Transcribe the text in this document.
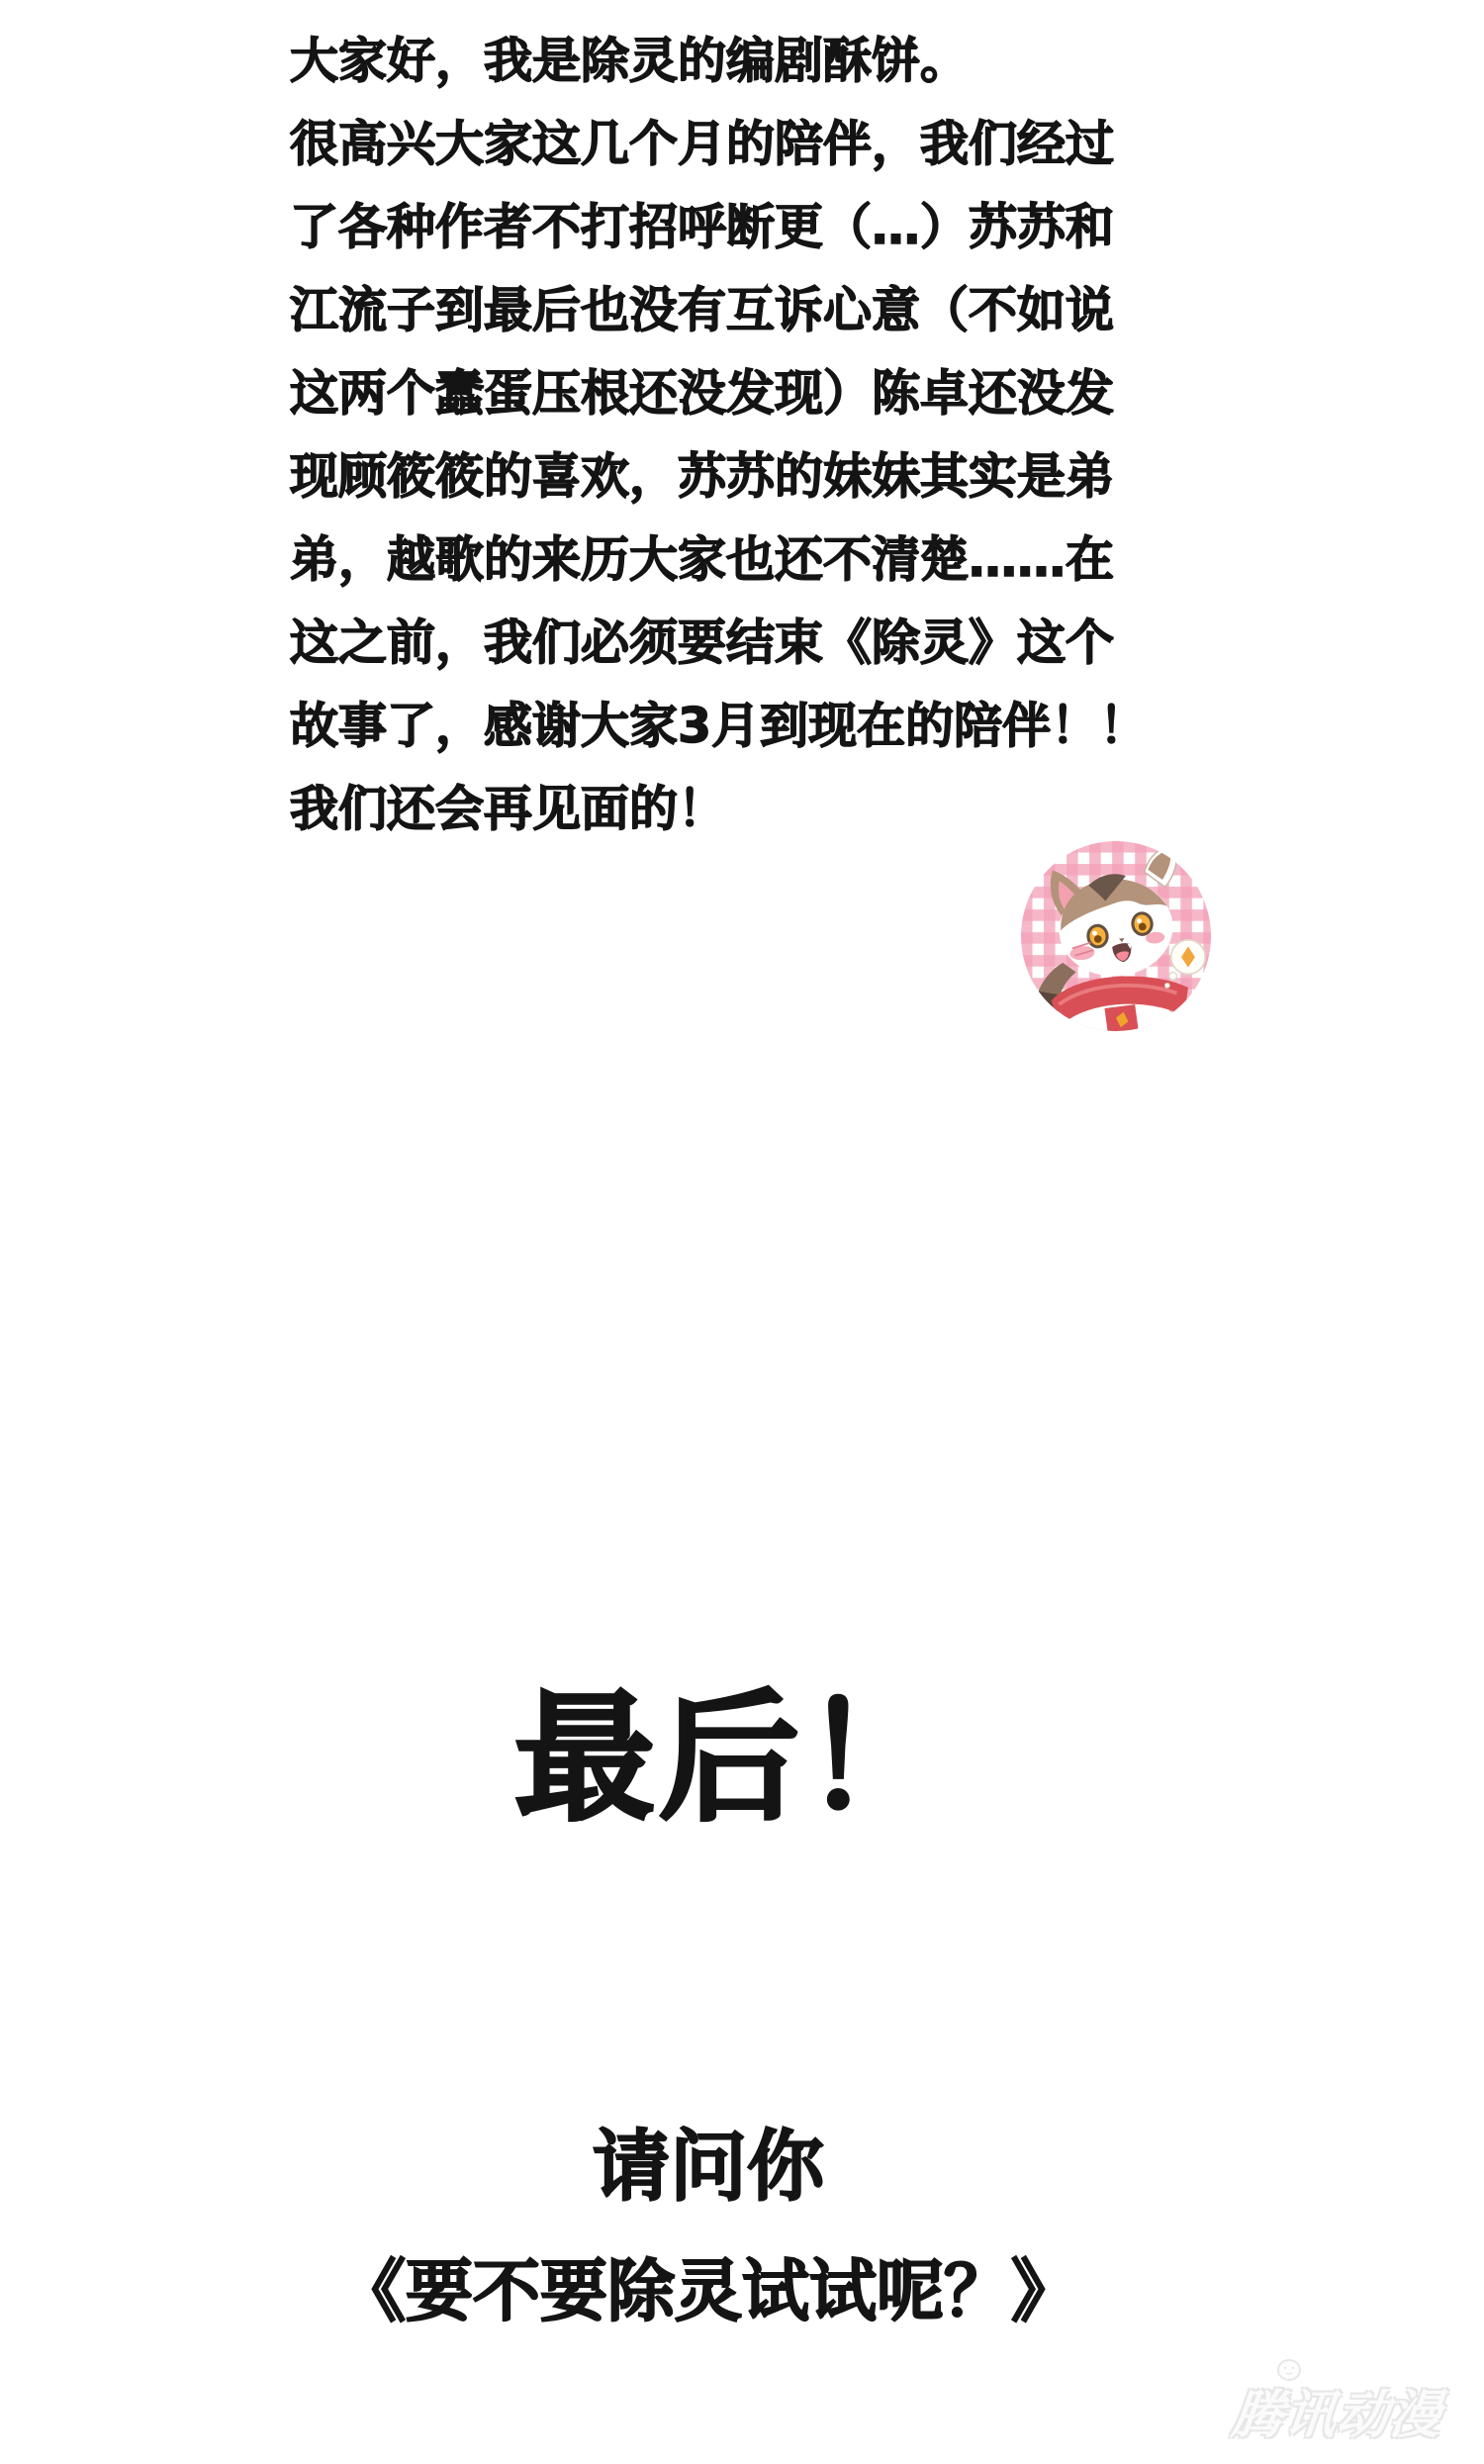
大家好，我是除灵的编剧酥饼。
很高兴大家这几个月的陪伴，我们经过
了各种作者不打招呼断更（…）苏苏和
江流子到最后也没有互诉心意（不如说
这两个蠢蛋压根还没发现）陈卓还没发
现顾筱筱的喜欢，苏苏的妹妹其实是弟
弟，越歌的来历大家也还不清楚……在
这之前，我们必须要结束《除灵》这个
故事了，感谢大家3月到现在的陪伴！！
我们还会再见面的！
最后！
请问你
《要不要除灵试试呢？》
腾讯动漫
